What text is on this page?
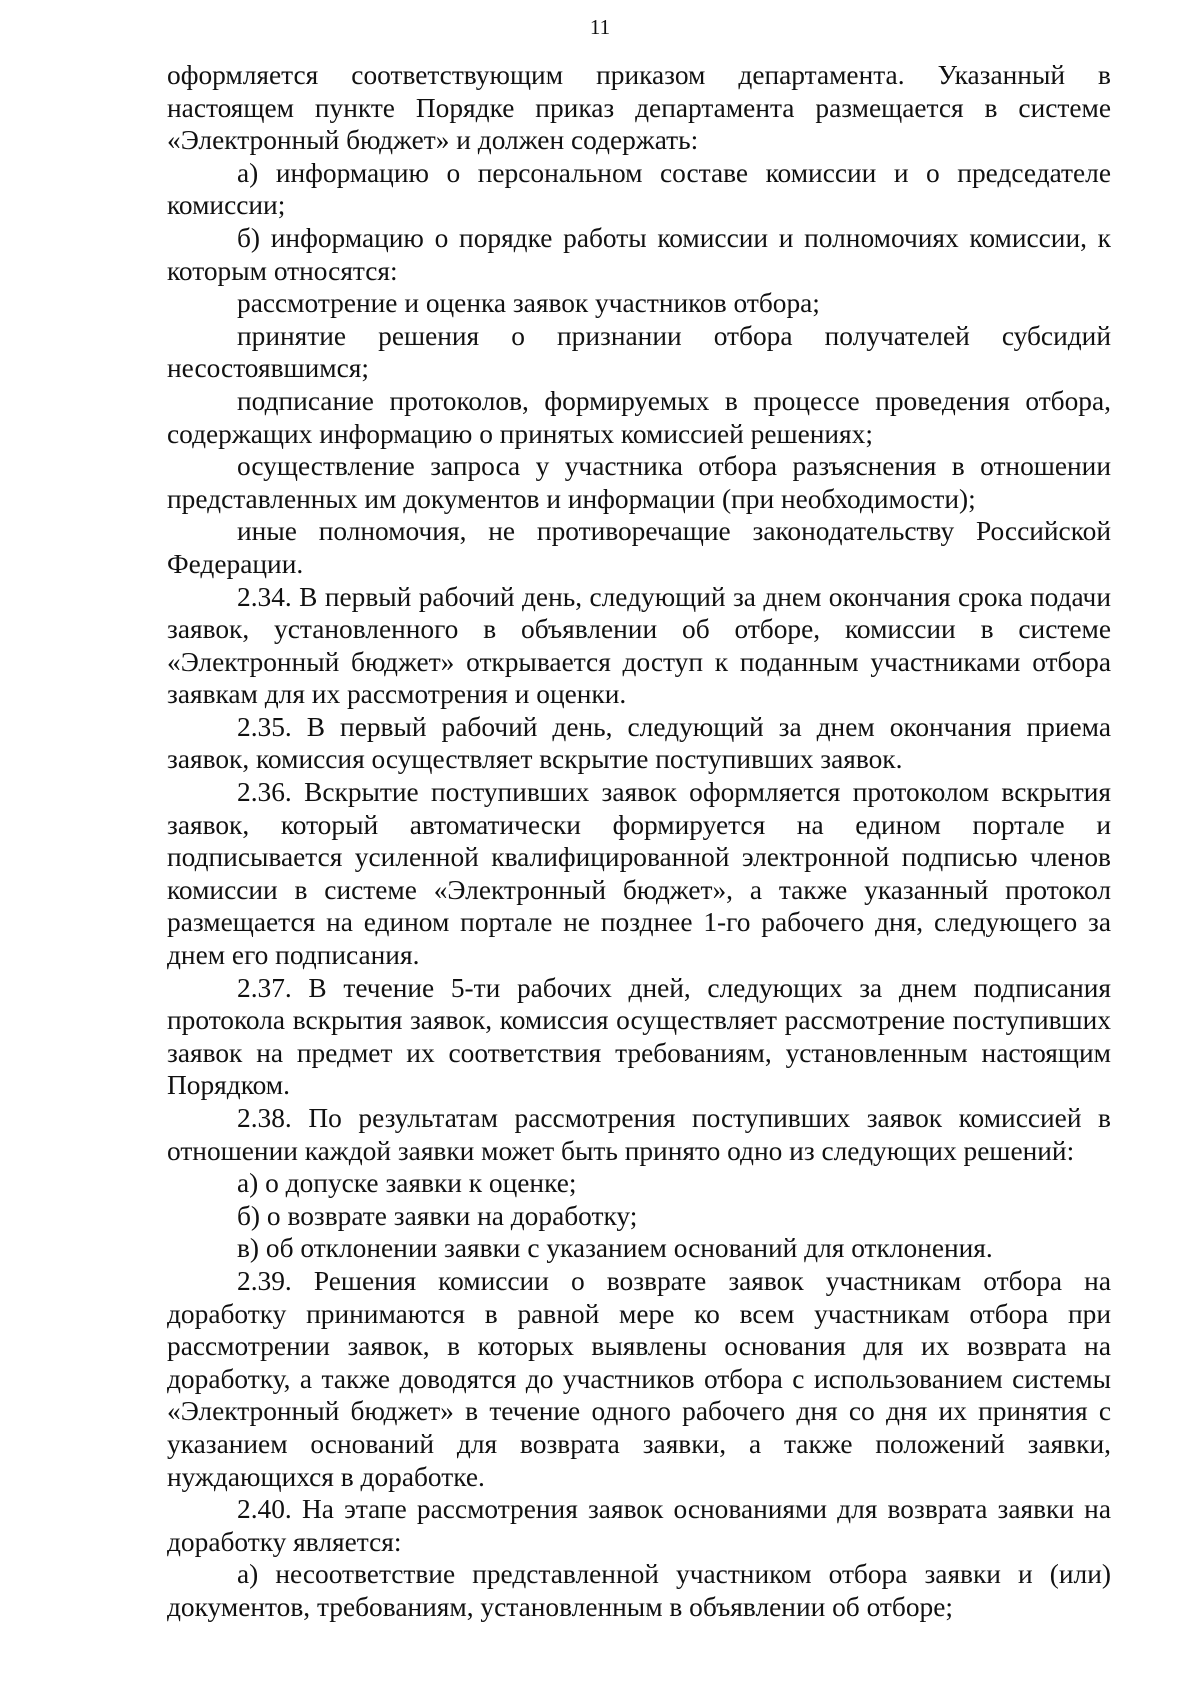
11

оформляется соответствующим приказом департамента. Указанный в настоящем пункте Порядке приказ департамента размещается в системе «Электронный бюджет» и должен содержать:

а) информацию о персональном составе комиссии и о председателе комиссии;

б) информацию о порядке работы комиссии и полномочиях комиссии, к которым относятся:

рассмотрение и оценка заявок участников отбора;

принятие решения о признании отбора получателей субсидий несостоявшимся;

подписание протоколов, формируемых в процессе проведения отбора, содержащих информацию о принятых комиссией решениях;

осуществление запроса у участника отбора разъяснения в отношении представленных им документов и информации (при необходимости);

иные полномочия, не противоречащие законодательству Российской Федерации.

2.34. В первый рабочий день, следующий за днем окончания срока подачи заявок, установленного в объявлении об отборе, комиссии в системе «Электронный бюджет» открывается доступ к поданным участниками отбора заявкам для их рассмотрения и оценки.

2.35. В первый рабочий день, следующий за днем окончания приема заявок, комиссия осуществляет вскрытие поступивших заявок.

2.36. Вскрытие поступивших заявок оформляется протоколом вскрытия заявок, который автоматически формируется на едином портале и подписывается усиленной квалифицированной электронной подписью членов комиссии в системе «Электронный бюджет», а также указанный протокол размещается на едином портале не позднее 1-го рабочего дня, следующего за днем его подписания.

2.37. В течение 5-ти рабочих дней, следующих за днем подписания протокола вскрытия заявок, комиссия осуществляет рассмотрение поступивших заявок на предмет их соответствия требованиям, установленным настоящим Порядком.

2.38. По результатам рассмотрения поступивших заявок комиссией в отношении каждой заявки может быть принято одно из следующих решений:

а) о допуске заявки к оценке;

б) о возврате заявки на доработку;

в) об отклонении заявки с указанием оснований для отклонения.

2.39. Решения комиссии о возврате заявок участникам отбора на доработку принимаются в равной мере ко всем участникам отбора при рассмотрении заявок, в которых выявлены основания для их возврата на доработку, а также доводятся до участников отбора с использованием системы «Электронный бюджет» в течение одного рабочего дня со дня их принятия с указанием оснований для возврата заявки, а также положений заявки, нуждающихся в доработке.

2.40. На этапе рассмотрения заявок основаниями для возврата заявки на доработку является:

а) несоответствие представленной участником отбора заявки и (или) документов, требованиям, установленным в объявлении об отборе;
